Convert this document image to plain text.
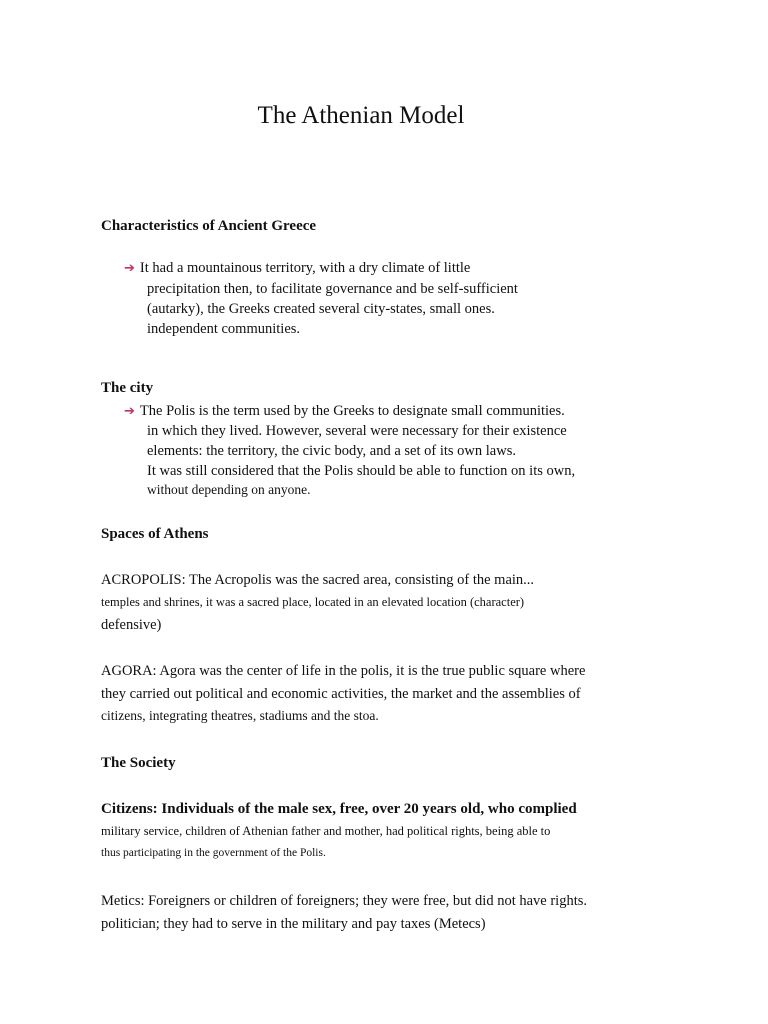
The Athenian Model

Characteristics of Ancient Greece

➔ It had a mountainous territory, with a dry climate of little

precipitation then, to facilitate governance and be self-sufficient

(autarky), the Greeks created several city-states, small ones.

independent communities.

The city

➔ The Polis is the term used by the Greeks to designate small communities.

in which they lived. However, several were necessary for their existence

elements: the territory, the civic body, and a set of its own laws.

It was still considered that the Polis should be able to function on its own,

without depending on anyone.

Spaces of Athens

ACROPOLIS: The Acropolis was the sacred area, consisting of the main...

temples and shrines, it was a sacred place, located in an elevated location (character)

defensive)

AGORA: Agora was the center of life in the polis, it is the true public square where

they carried out political and economic activities, the market and the assemblies of

citizens, integrating theatres, stadiums and the stoa.

The Society

Citizens: Individuals of the male sex, free, over 20 years old, who complied

military service, children of Athenian father and mother, had political rights, being able to

thus participating in the government of the Polis.

Metics: Foreigners or children of foreigners; they were free, but did not have rights.

politician; they had to serve in the military and pay taxes (Metecs)
